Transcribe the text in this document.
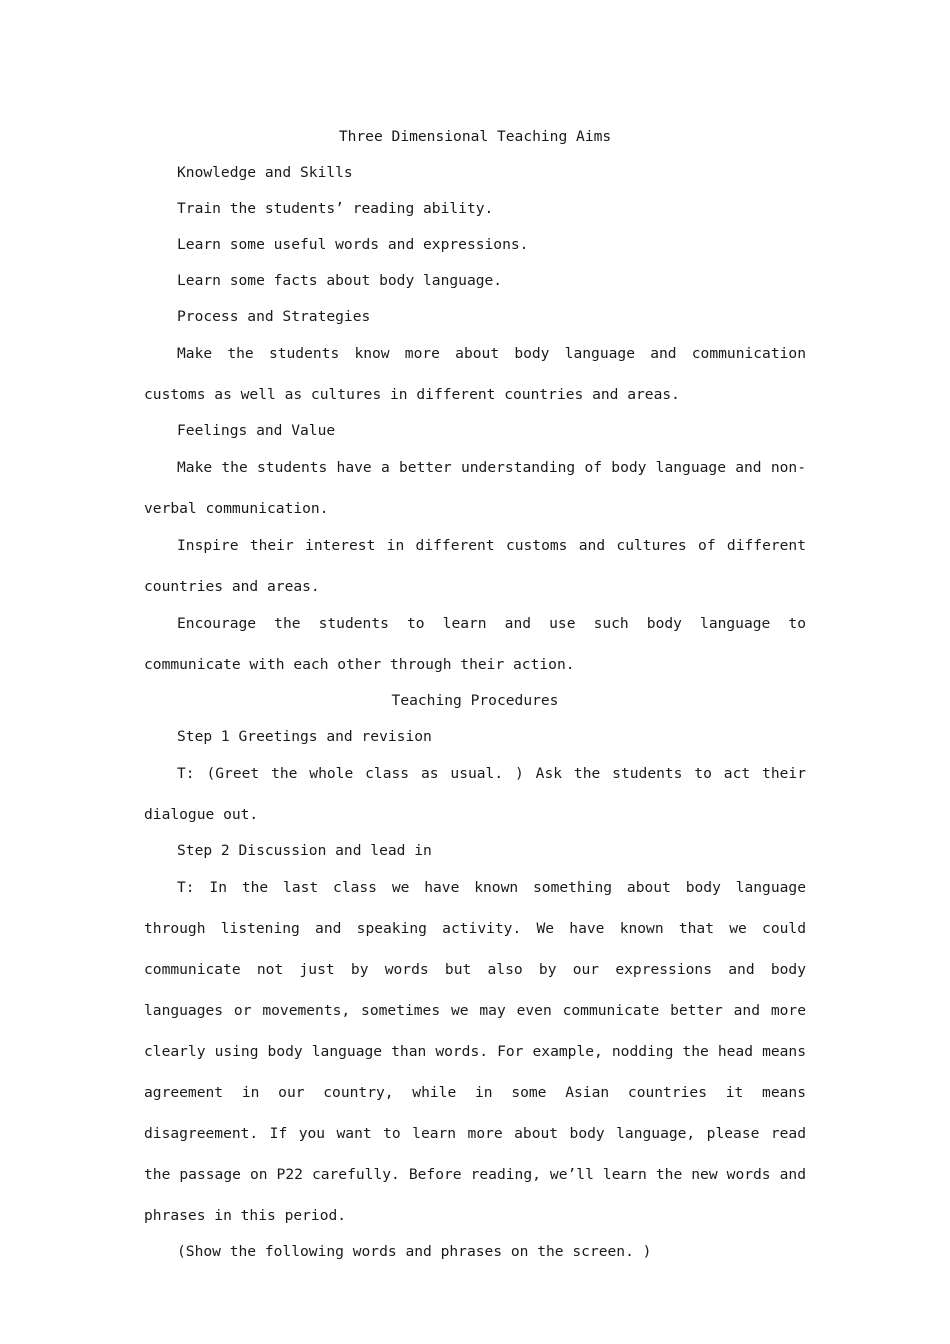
Three Dimensional Teaching Aims
Knowledge and Skills
Train the students’ reading ability.
Learn some useful words and expressions.
Learn some facts about body language.
Process and Strategies

Make the students know more about body language and communication customs as well as cultures in different countries and areas.

Feelings and Value

Make the students have a better understanding of body language and non-verbal communication.

Inspire their interest in different customs and cultures of different countries and areas.

Encourage the students to learn and use such body language to communicate with each other through their action.

Teaching Procedures
Step 1 Greetings and revision

T: (Greet the whole class as usual. ) Ask the students to act their dialogue out.

Step 2 Discussion and lead in

T: In the last class we have known something about body language through listening and speaking activity. We have known that we could communicate not just by words but also by our expressions and body languages or movements, sometimes we may even communicate better and more clearly using body language than words. For example, nodding the head means agreement in our country, while in some Asian countries it means disagreement. If you want to learn more about body language, please read the passage on P22 carefully. Before reading, we’ll learn the new words and phrases in this period.

(Show the following words and phrases on the screen. )
